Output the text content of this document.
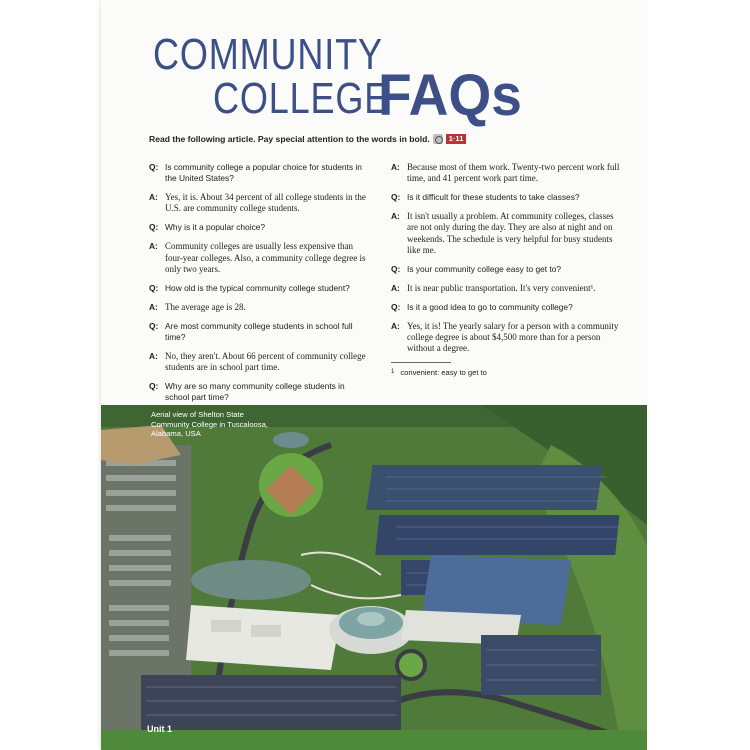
COMMUNITY
COLLEGE
FAQs
Read the following article. Pay special attention to the words in bold.	1·11
Q: Is community college a popular choice for students in the United States?
A: Yes, it is. About 34 percent of all college students in the U.S. are community college students.
Q: Why is it a popular choice?
A: Community colleges are usually less expensive than four-year colleges. Also, a community college degree is only two years.
Q: How old is the typical community college student?
A: The average age is 28.
Q: Are most community college students in school full time?
A: No, they aren't. About 66 percent of community college students are in school part time.
Q: Why are so many community college students in school part time?
A: Because most of them work. Twenty-two percent work full time, and 41 percent work part time.
Q: Is it difficult for these students to take classes?
A: It isn't usually a problem. At community colleges, classes are not only during the day. They are also at night and on weekends. The schedule is very helpful for busy students like me.
Q: Is your community college easy to get to?
A: It is near public transportation. It's very convenient¹.
Q: Is it a good idea to go to community college?
A: Yes, it is! The yearly salary for a person with a community college degree is about $4,500 more than for a person without a degree.
1 convenient: easy to get to
Aerial view of Shelton State Community College in Tuscaloosa, Alabama, USA
Unit 1
